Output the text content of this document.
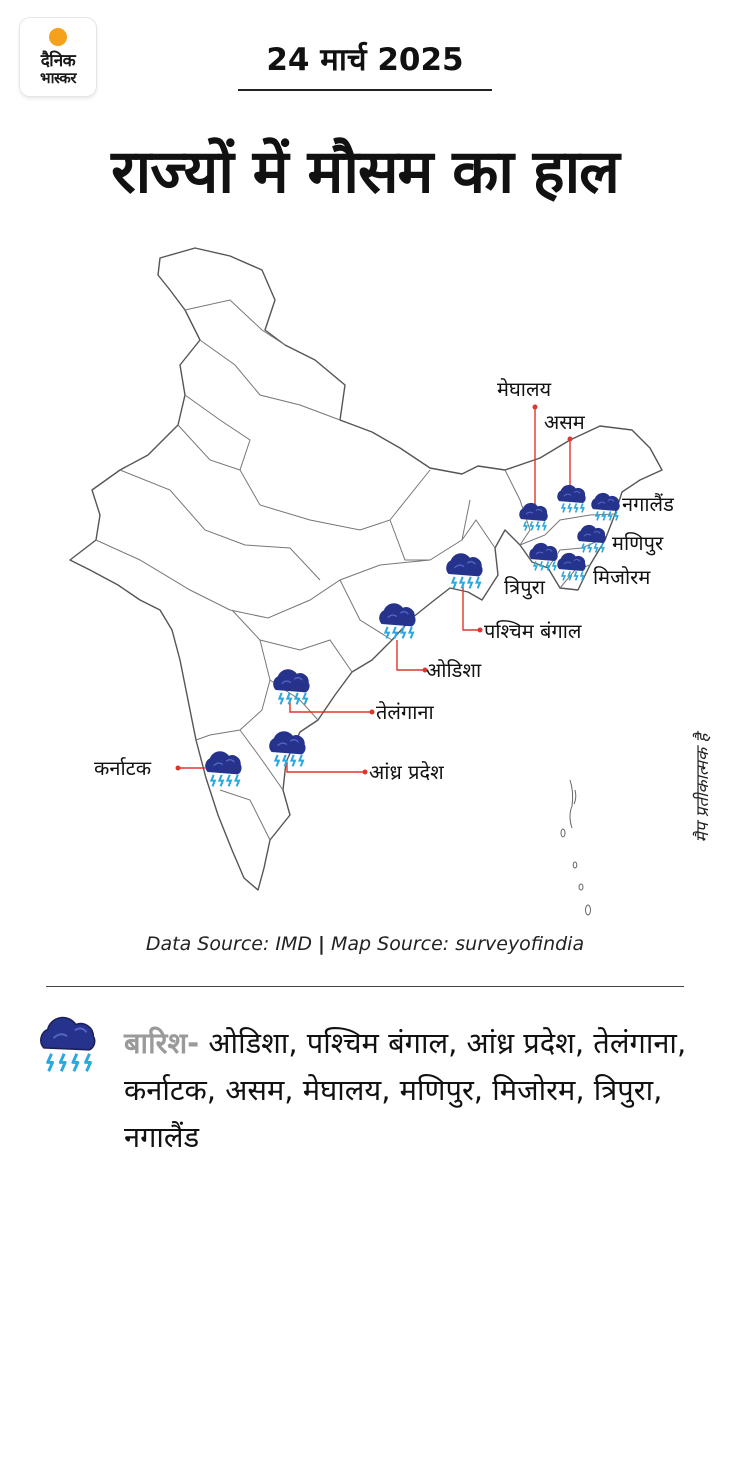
दैनिक
भास्कर	24 मार्च 2025
राज्यों में मौसम का हाल
मेघालय
असम
नगालैंड
मणिपुर
मिजोरम
त्रिपुरा
पश्चिम बंगाल
ओडिशा
तेलंगाना
आंध्र प्रदेश
कर्नाटक	मैप प्रतीकात्मक है
Data Source: IMD | Map Source: surveyofindia
बारिश- ओडिशा, पश्चिम बंगाल, आंध्र प्रदेश, तेलंगाना, कर्नाटक, असम, मेघालय, मणिपुर, मिजोरम, त्रिपुरा, नगालैंड
